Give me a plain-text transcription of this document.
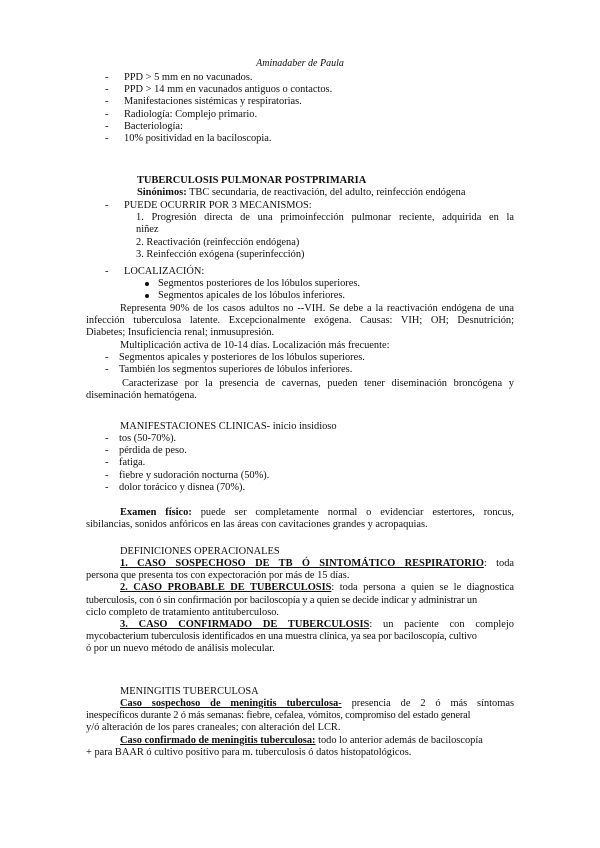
Aminadaber de Paula
- PPD > 5 mm en no vacunados.
- PPD > 14 mm en vacunados antiguos o contactos.
- Manifestaciones sistémicas y respiratorias.
- Radiología: Complejo primario.
- Bacteriología:
- 10% positividad en la baciloscopia.
TUBERCULOSIS PULMONAR POSTPRIMARIA
Sinónimos: TBC secundaria, de reactivación, del adulto, reinfección endógena
- PUEDE OCURRIR POR 3 MECANISMOS:
1. Progresión directa de una primoinfección pulmonar reciente, adquirida en la
niñez
2. Reactivación (reinfección endógena)
3. Reinfección exógena (superinfección)
- LOCALIZACIÓN:
Segmentos posteriores de los lóbulos superiores.
Segmentos apicales de los lóbulos inferiores.
Representa 90% de los casos adultos no --VIH. Se debe a la reactivación endógena de una
infección tuberculosa latente. Excepcionalmente exógena. Causas: VIH; OH; Desnutrición;
Diabetes; Insuficiencia renal; inmusupresión.
Multiplicación activa de 10-14 días. Localización más frecuente:
- Segmentos apicales y posteriores de los lóbulos superiores.
- También los segmentos superiores de lóbulos inferiores.
Caracterizase por la presencia de cavernas, pueden tener diseminación broncógena y
diseminación hematógena.
MANIFESTACIONES CLINICAS- inicio insidioso
- tos (50-70%).
- pérdida de peso.
- fatiga.
- fiebre y sudoración nocturna (50%).
- dolor torácico y disnea (70%).
Examen físico: puede ser completamente normal o evidenciar estertores, roncus,
sibilancias, sonidos anfóricos en las áreas con cavitaciones grandes y acropaquias.
DEFINICIONES OPERACIONALES
1. CASO SOSPECHOSO DE TB Ó SINTOMÁTICO RESPIRATORIO: toda
persona que presenta tos con expectoración por más de 15 días.
2. CASO PROBABLE DE TUBERCULOSIS: toda persona a quien se le diagnostica
tuberculosis, con ó sin confirmación por baciloscopía y a quien se decide indicar y administrar un
ciclo completo de tratamiento antituberculoso.
3. CASO CONFIRMADO DE TUBERCULOSIS: un paciente con complejo
mycobacterium tuberculosis identificados en una muestra clínica, ya sea por baciloscopía, cultivo
ó por un nuevo método de análisis molecular.
MENINGITIS TUBERCULOSA
Caso sospechoso de meningitis tuberculosa- presencia de 2 ó más síntomas
inespecíficos durante 2 ó más semanas: fiebre, cefalea, vómitos, compromiso del estado general
y/ó alteración de los pares craneales; con alteración del LCR.
Caso confirmado de meningitis tuberculosa: todo lo anterior además de baciloscopía
+ para BAAR ó cultivo positivo para m. tuberculosis ó datos histopatológicos.
